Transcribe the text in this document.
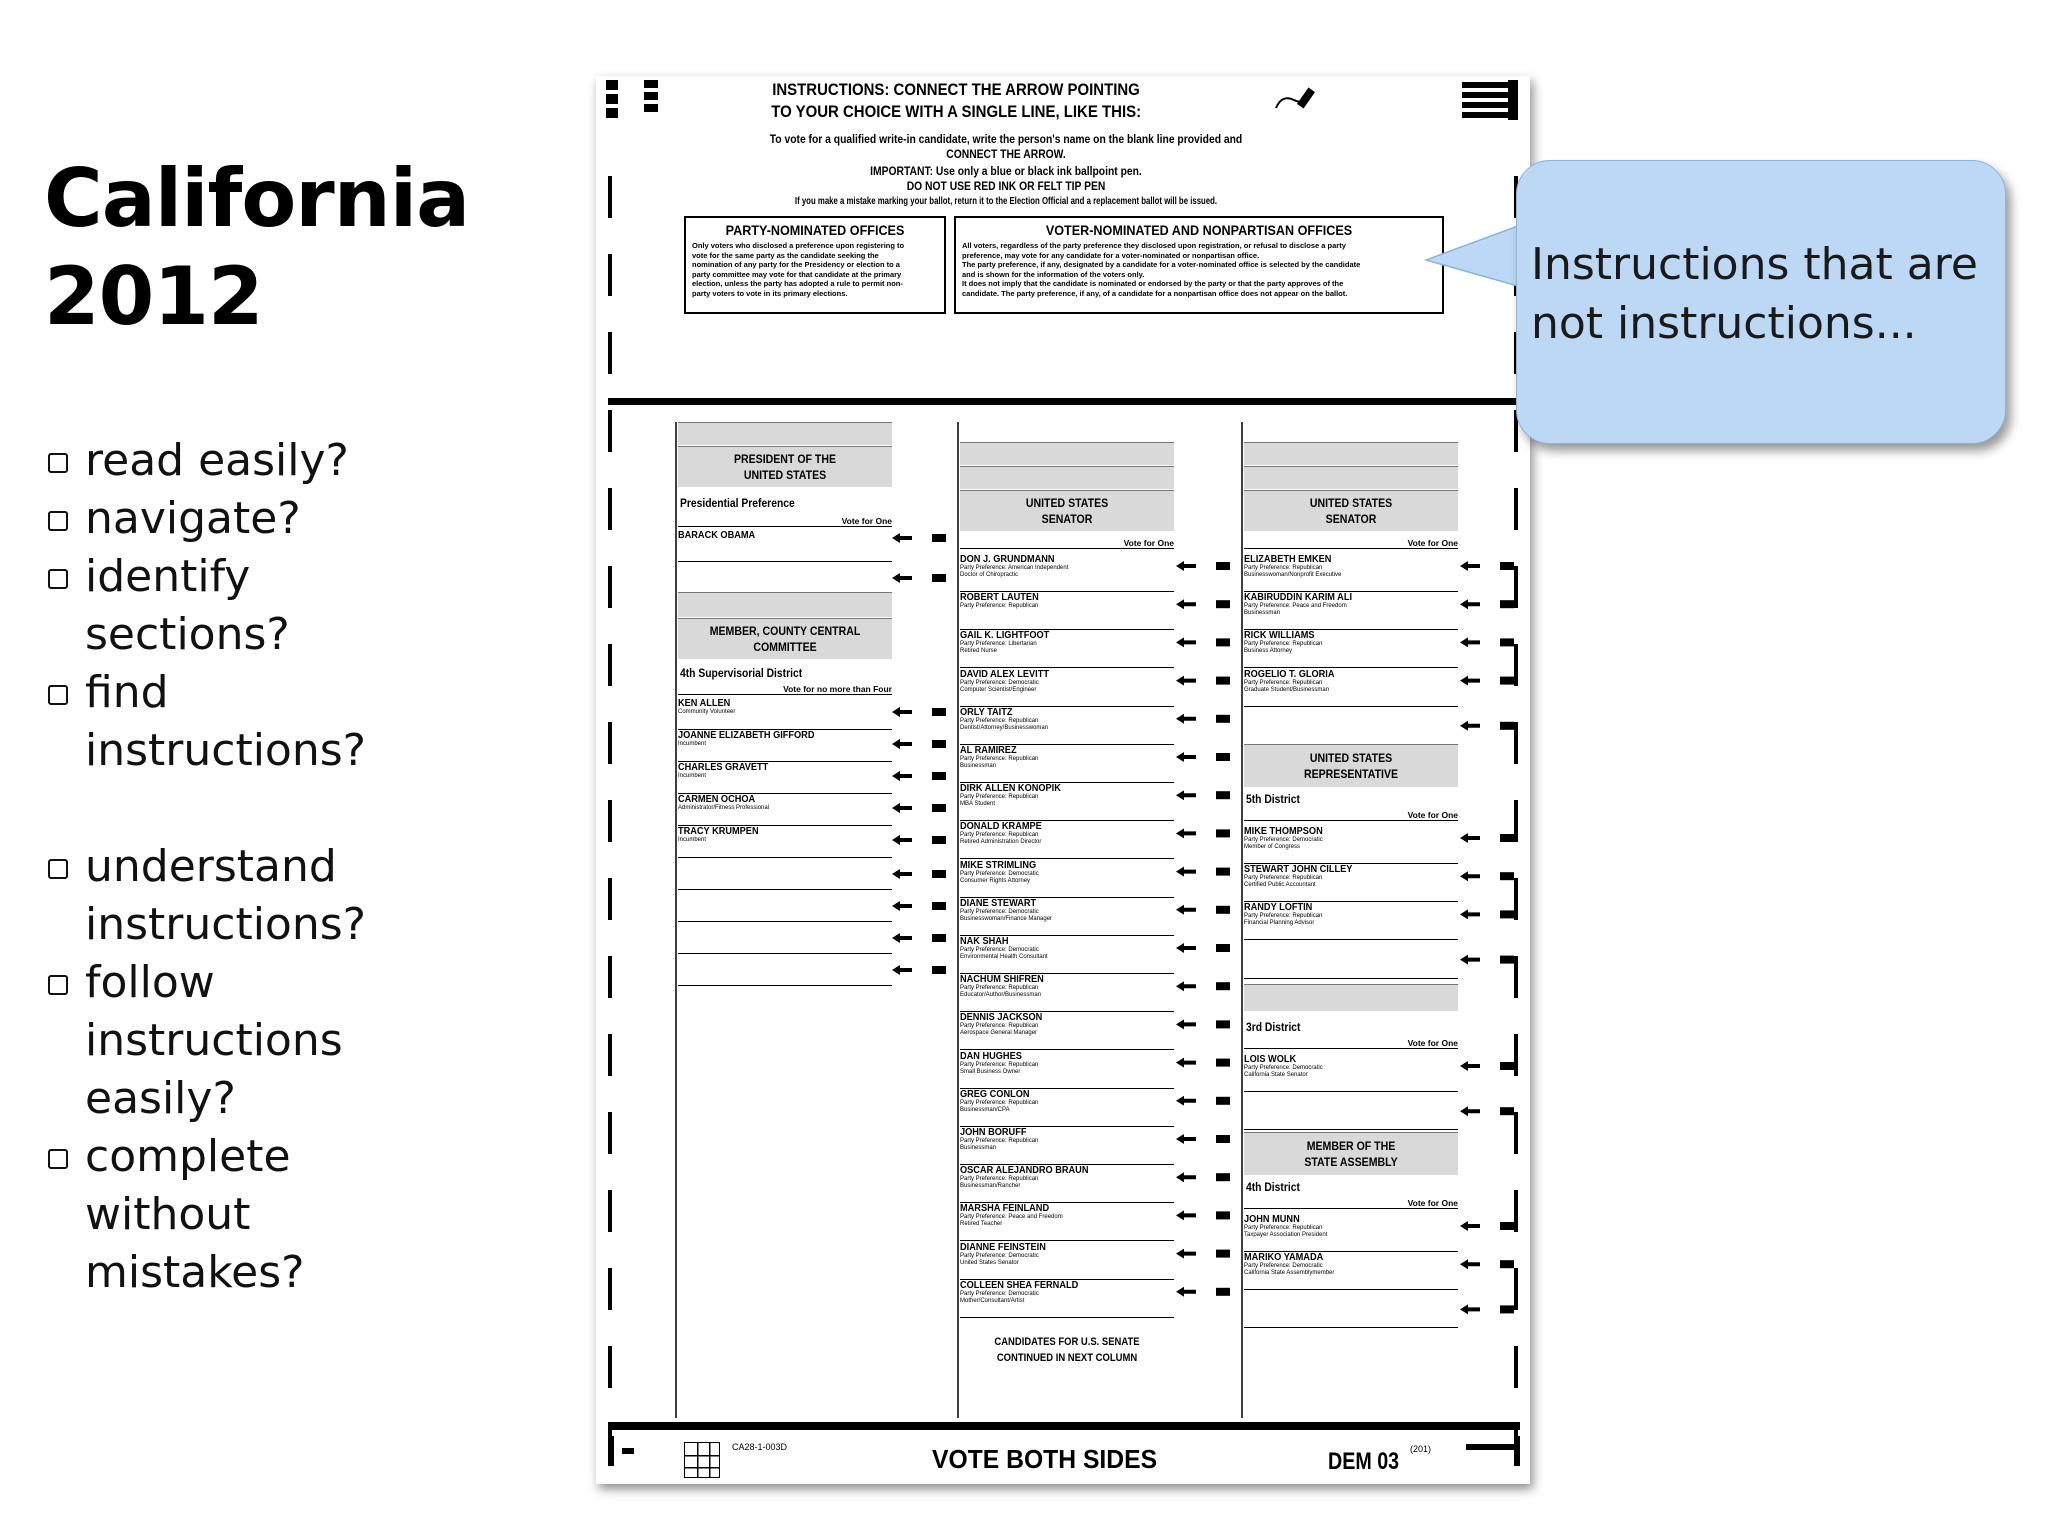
California
2012
read easily?
navigate?
identify
sections?
find
instructions?
understand
instructions?
follow
instructions
easily?
complete
without
mistakes?
INSTRUCTIONS: CONNECT THE ARROW POINTING
TO YOUR CHOICE WITH A SINGLE LINE, LIKE THIS:
To vote for a qualified write-in candidate, write the person's name on the blank line provided and
CONNECT THE ARROW.
IMPORTANT: Use only a blue or black ink ballpoint pen.
DO NOT USE RED INK OR FELT TIP PEN
If you make a mistake marking your ballot, return it to the Election Official and a replacement ballot will be issued.
PARTY-NOMINATED OFFICES
Only voters who disclosed a preference upon registering to
vote for the same party as the candidate seeking the
nomination of any party for the Presidency or election to a
party committee may vote for that candidate at the primary
election, unless the party has adopted a rule to permit non-
party voters to vote in its primary elections.
VOTER-NOMINATED AND NONPARTISAN OFFICES
All voters, regardless of the party preference they disclosed upon registration, or refusal to disclose a party
preference, may vote for any candidate for a voter-nominated or nonpartisan office.
The party preference, if any, designated by a candidate for a voter-nominated office is selected by the candidate
and is shown for the information of the voters only.
It does not imply that the candidate is nominated or endorsed by the party or that the party approves of the
candidate. The party preference, if any, of a candidate for a nonpartisan office does not appear on the ballot.
PRESIDENT OF THE
UNITED STATES
Presidential Preference
Vote for One
BARACK OBAMA
MEMBER, COUNTY CENTRAL
COMMITTEE
4th Supervisorial District
Vote for no more than Four
KEN ALLEN
Community Volunteer
JOANNE ELIZABETH GIFFORD
Incumbent
CHARLES GRAVETT
Incumbent
CARMEN OCHOA
Administrator/Fitness Professional
TRACY KRUMPEN
Incumbent
UNITED STATES
SENATOR
Vote for One
DON J. GRUNDMANN
Party Preference: American Independent
Doctor of Chiropractic
ROBERT LAUTEN
Party Preference: Republican
GAIL K. LIGHTFOOT
Party Preference: Libertarian
Retired Nurse
DAVID ALEX LEVITT
Party Preference: Democratic
Computer Scientist/Engineer
ORLY TAITZ
Party Preference: Republican
Dentist/Attorney/Businesswoman
AL RAMIREZ
Party Preference: Republican
Businessman
DIRK ALLEN KONOPIK
Party Preference: Republican
MBA Student
DONALD KRAMPE
Party Preference: Republican
Retired Administration Director
MIKE STRIMLING
Party Preference: Democratic
Consumer Rights Attorney
DIANE STEWART
Party Preference: Democratic
Businesswoman/Finance Manager
NAK SHAH
Party Preference: Democratic
Environmental Health Consultant
NACHUM SHIFREN
Party Preference: Republican
Educator/Author/Businessman
DENNIS JACKSON
Party Preference: Republican
Aerospace General Manager
DAN HUGHES
Party Preference: Republican
Small Business Owner
GREG CONLON
Party Preference: Republican
Businessman/CPA
JOHN BORUFF
Party Preference: Republican
Businessman
OSCAR ALEJANDRO BRAUN
Party Preference: Republican
Businessman/Rancher
MARSHA FEINLAND
Party Preference: Peace and Freedom
Retired Teacher
DIANNE FEINSTEIN
Party Preference: Democratic
United States Senator
COLLEEN SHEA FERNALD
Party Preference: Democratic
Mother/Consultant/Artist
CANDIDATES FOR U.S. SENATE
CONTINUED IN NEXT COLUMN
UNITED STATES
SENATOR
Vote for One
ELIZABETH EMKEN
Party Preference: Republican
Businesswoman/Nonprofit Executive
KABIRUDDIN KARIM ALI
Party Preference: Peace and Freedom
Businessman
RICK WILLIAMS
Party Preference: Republican
Business Attorney
ROGELIO T. GLORIA
Party Preference: Republican
Graduate Student/Businessman
UNITED STATES
REPRESENTATIVE
5th District
Vote for One
MIKE THOMPSON
Party Preference: Democratic
Member of Congress
STEWART JOHN CILLEY
Party Preference: Republican
Certified Public Accountant
RANDY LOFTIN
Party Preference: Republican
Financial Planning Advisor
3rd District
Vote for One
LOIS WOLK
Party Preference: Democratic
California State Senator
MEMBER OF THE
STATE ASSEMBLY
4th District
Vote for One
JOHN MUNN
Party Preference: Republican
Taxpayer Association President
MARIKO YAMADA
Party Preference: Democratic
California State Assemblymember
CA28-1-003D	VOTE BOTH SIDES	DEM 03 (201)
Instructions that are
not instructions...
